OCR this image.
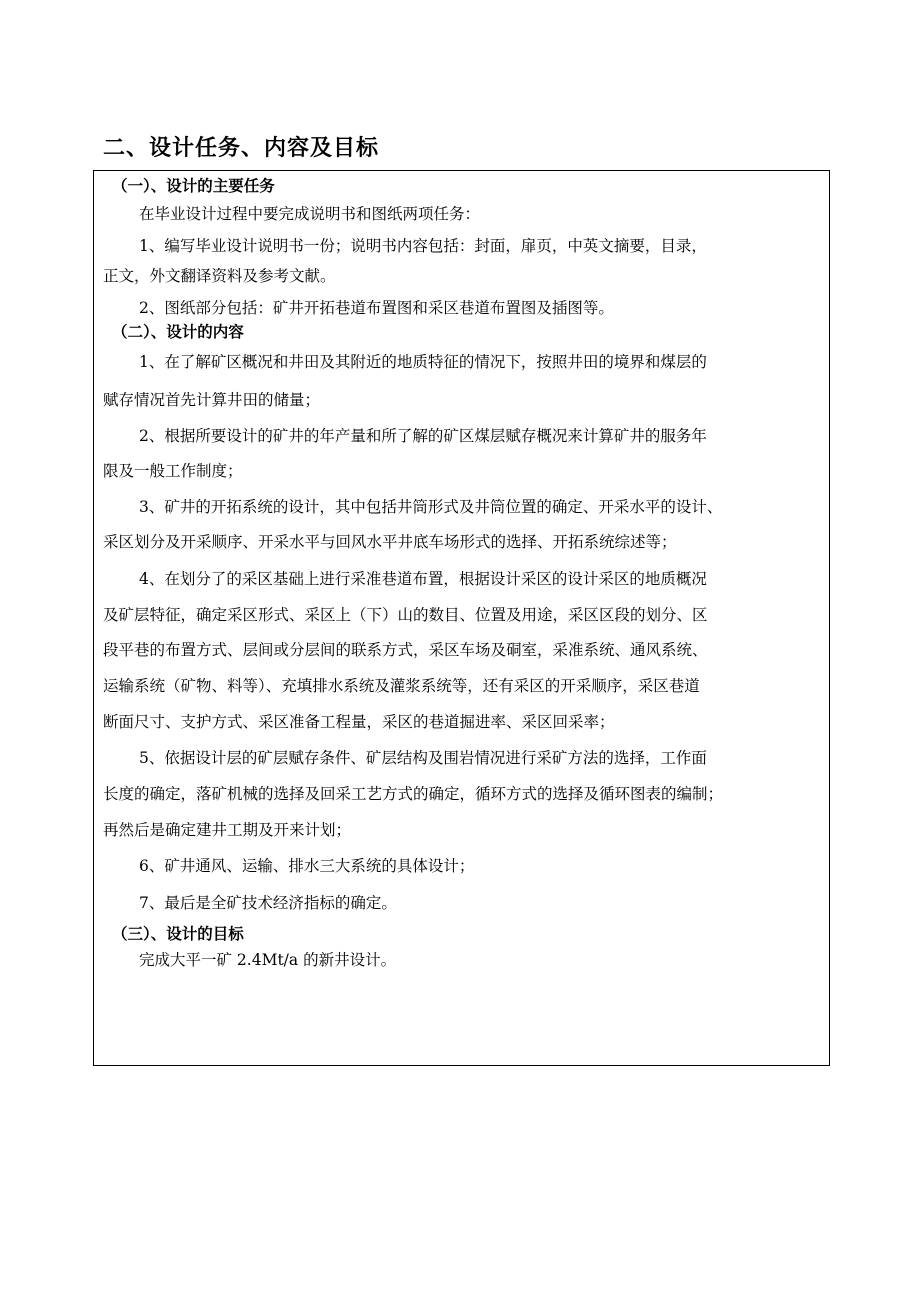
二、设计任务、内容及目标
（一）、设计的主要任务
在毕业设计过程中要完成说明书和图纸两项任务：
1、编写毕业设计说明书一份；说明书内容包括：封面，扉页，中英文摘要，目录，
正文，外文翻译资料及参考文献。
2、图纸部分包括：矿井开拓巷道布置图和采区巷道布置图及插图等。
（二）、设计的内容
1、在了解矿区概况和井田及其附近的地质特征的情况下，按照井田的境界和煤层的
赋存情况首先计算井田的储量；
2、根据所要设计的矿井的年产量和所了解的矿区煤层赋存概况来计算矿井的服务年
限及一般工作制度；
3、矿井的开拓系统的设计，其中包括井筒形式及井筒位置的确定、开采水平的设计、
采区划分及开采顺序、开采水平与回风水平井底车场形式的选择、开拓系统综述等；
4、在划分了的采区基础上进行采准巷道布置，根据设计采区的设计采区的地质概况
及矿层特征，确定采区形式、采区上（下）山的数目、位置及用途，采区区段的划分、区
段平巷的布置方式、层间或分层间的联系方式，采区车场及硐室，采准系统、通风系统、
运输系统（矿物、料等）、充填排水系统及灌浆系统等，还有采区的开采顺序，采区巷道
断面尺寸、支护方式、采区准备工程量，采区的巷道掘进率、采区回采率；
5、依据设计层的矿层赋存条件、矿层结构及围岩情况进行采矿方法的选择，工作面
长度的确定，落矿机械的选择及回采工艺方式的确定，循环方式的选择及循环图表的编制；
再然后是确定建井工期及开来计划；
6、矿井通风、运输、排水三大系统的具体设计；
7、最后是全矿技术经济指标的确定。
（三）、设计的目标
完成大平一矿 2.4Mt/a 的新井设计。
